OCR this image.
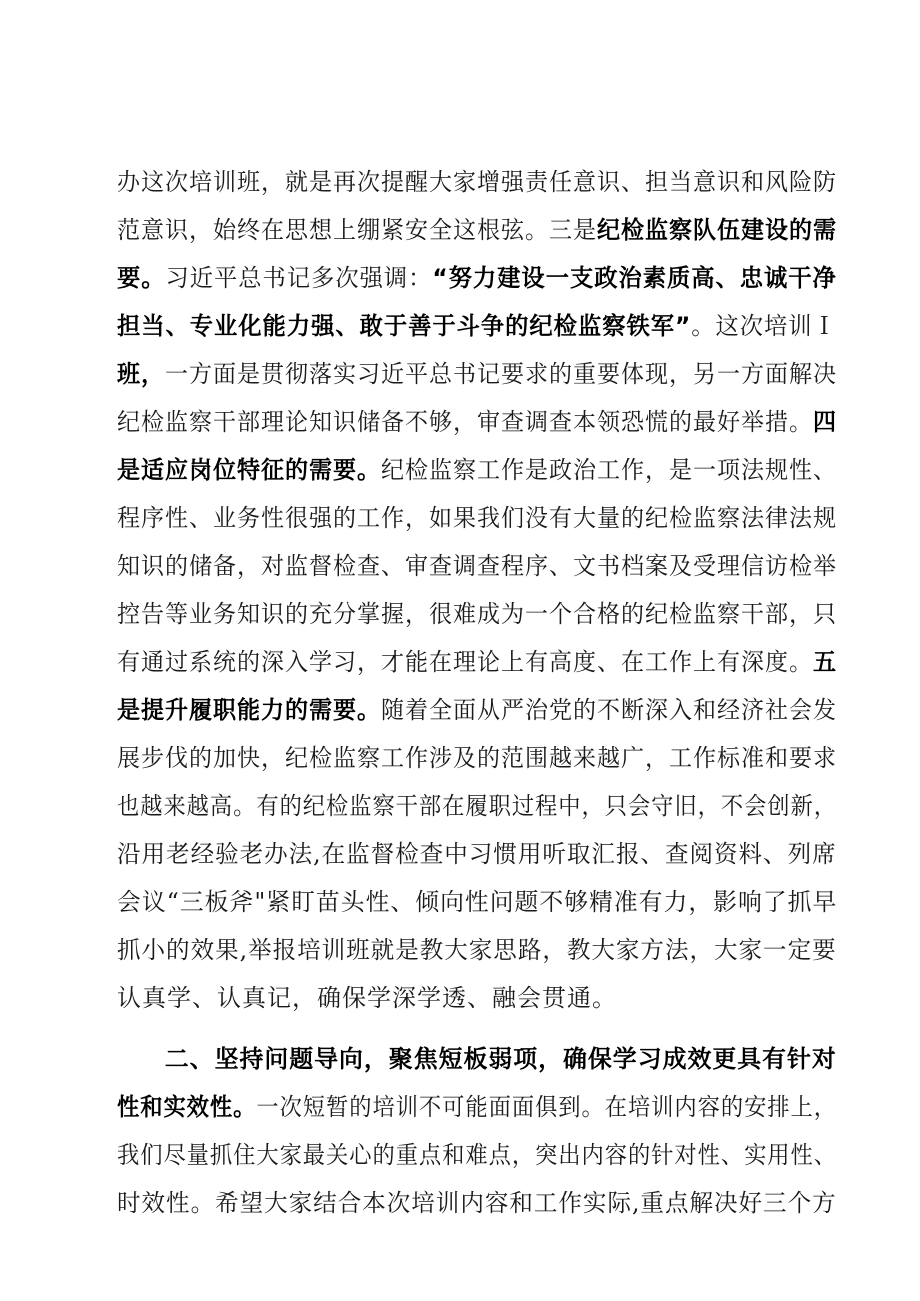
办这次培训班，就是再次提醒大家增强责任意识、担当意识和风险防
范意识，始终在思想上绷紧安全这根弦。三是纪检监察队伍建设的需
要。习近平总书记多次强调：“努力建设一支政治素质高、忠诚干净
担当、专业化能力强、敢于善于斗争的纪检监察铁军”。这次培训Ｉ
班，一方面是贯彻落实习近平总书记要求的重要体现，另一方面解决
纪检监察干部理论知识储备不够，审查调查本领恐慌的最好举措。四
是适应岗位特征的需要。纪检监察工作是政治工作，是一项法规性、
程序性、业务性很强的工作，如果我们没有大量的纪检监察法律法规
知识的储备，对监督检查、审查调查程序、文书档案及受理信访检举
控告等业务知识的充分掌握，很难成为一个合格的纪检监察干部，只
有通过系统的深入学习，才能在理论上有高度、在工作上有深度。五
是提升履职能力的需要。随着全面从严治党的不断深入和经济社会发
展步伐的加快，纪检监察工作涉及的范围越来越广，工作标准和要求
也越来越高。有的纪检监察干部在履职过程中，只会守旧，不会创新，
沿用老经验老办法,在监督检查中习惯用听取汇报、查阅资料、列席
会议“三板斧"紧盯苗头性、倾向性问题不够精准有力，影响了抓早
抓小的效果,举报培训班就是教大家思路，教大家方法，大家一定要
认真学、认真记，确保学深学透、融会贯通。
二、坚持问题导向，聚焦短板弱项，确保学习成效更具有针对
性和实效性。一次短暂的培训不可能面面俱到。在培训内容的安排上，
我们尽量抓住大家最关心的重点和难点，突出内容的针对性、实用性、
时效性。希望大家结合本次培训内容和工作实际,重点解决好三个方
